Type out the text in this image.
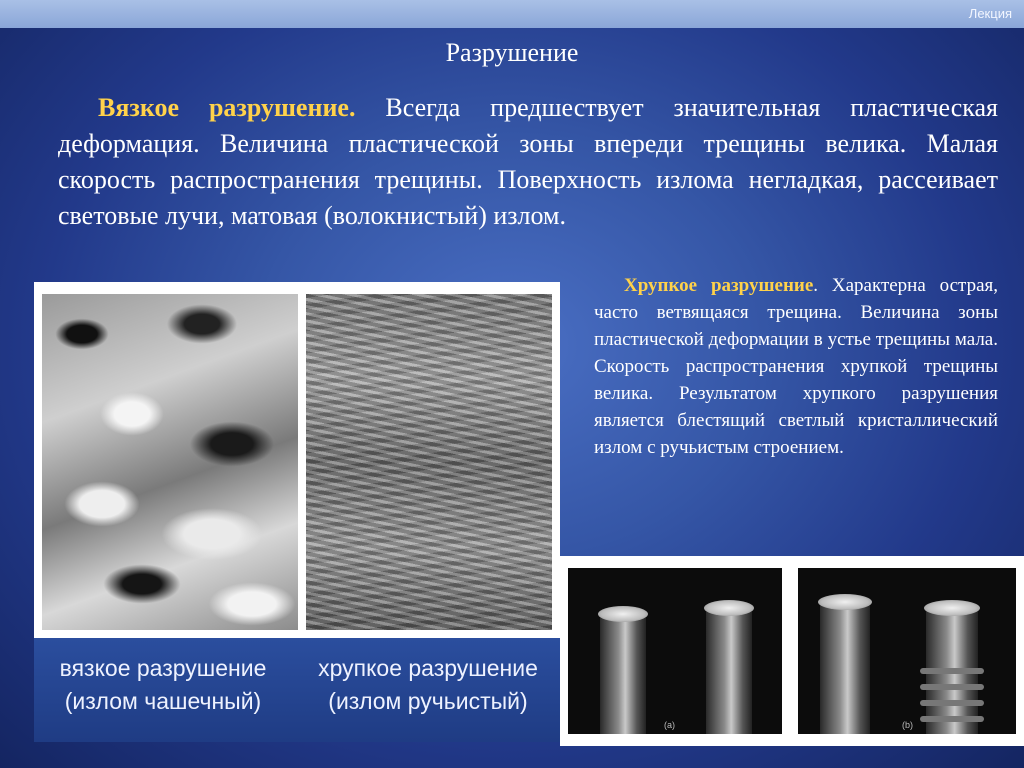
Лекция
Разрушение
Вязкое разрушение. Всегда предшествует значительная пластическая деформация. Величина пластической зоны впереди трещины велика. Малая скорость распространения трещины. Поверхность излома негладкая, рассеивает световые лучи, матовая (волокнистый) излом.
вязкое разрушение
(излом чашечный)
хрупкое разрушение
(излом ручьистый)
Хрупкое разрушение. Характерна острая, часто ветвящаяся трещина. Величина зоны пластической деформации в устье трещины мала. Скорость распространения хрупкой трещины велика. Результатом хрупкого разрушения является блестящий светлый кристаллический излом с ручьистым строением.
(a)	(b)
